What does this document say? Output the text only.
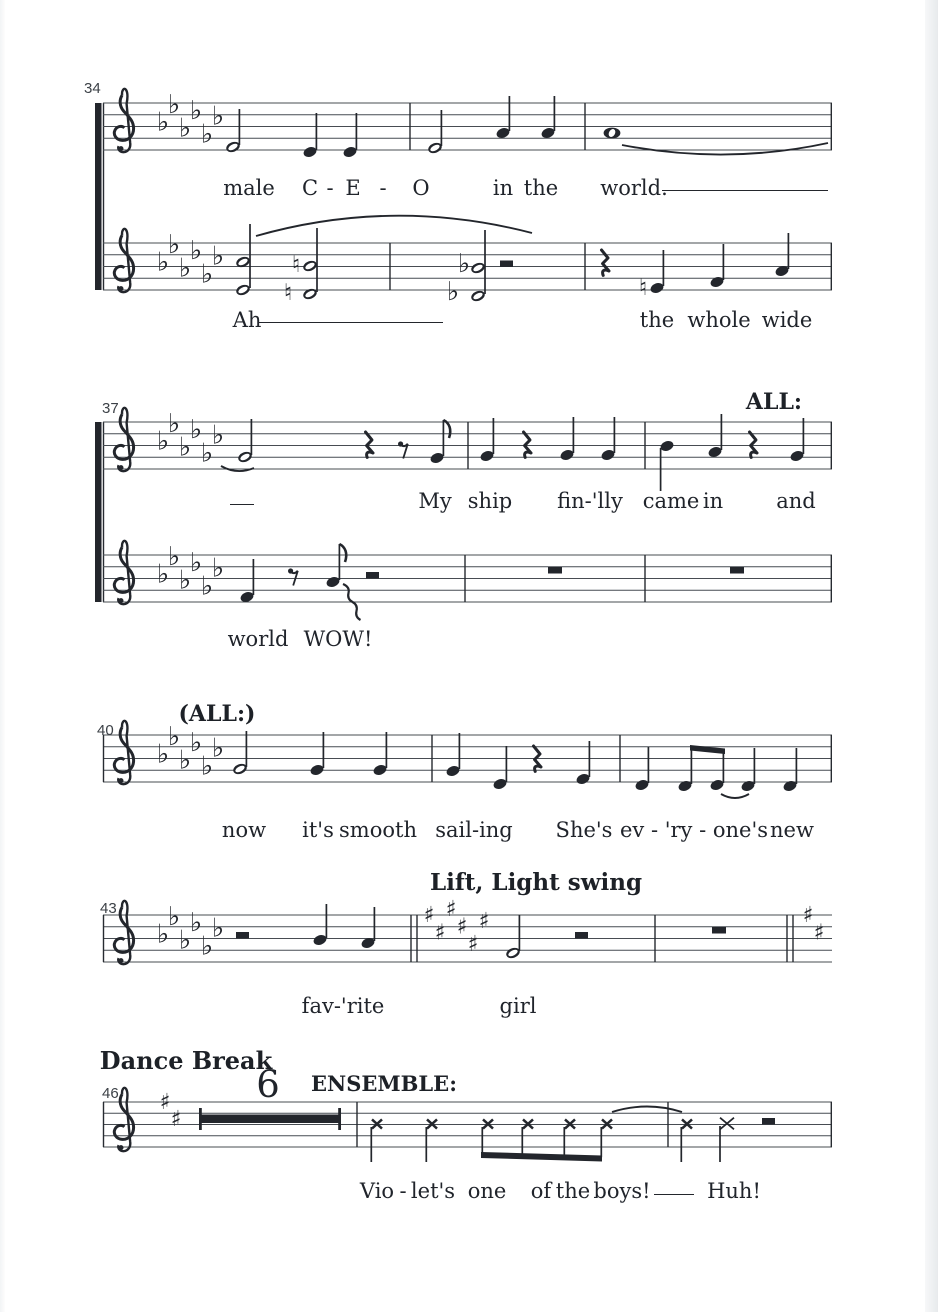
♭
♭
♭
♭
♭
♭
♭
♭
♭
♭
♭
♭	♮
♮
♭
♭	♮
♭
♭
♭
♭
♭
♭
♭
♭
♭
♭
♭
♭
♭
♭
♭
♭
♭
♭
♭
♭
♭
♭
♭
♭	♯
♯
♯
♯
♯
♯	♯
♯
♯
♯
34
37
40
43
46
ALL:
(ALL:)
Lift, Light swing
Dance Break
6 ENSEMBLE:
male C - E - O	in the world.
Ah	the whole wide
My ship fin-'lly came in	and
world WOW!
now it's smooth sail-ing She's ev - 'ry - one's new
fav-'rite	girl
Vio - let's one of the boys!	Huh!
